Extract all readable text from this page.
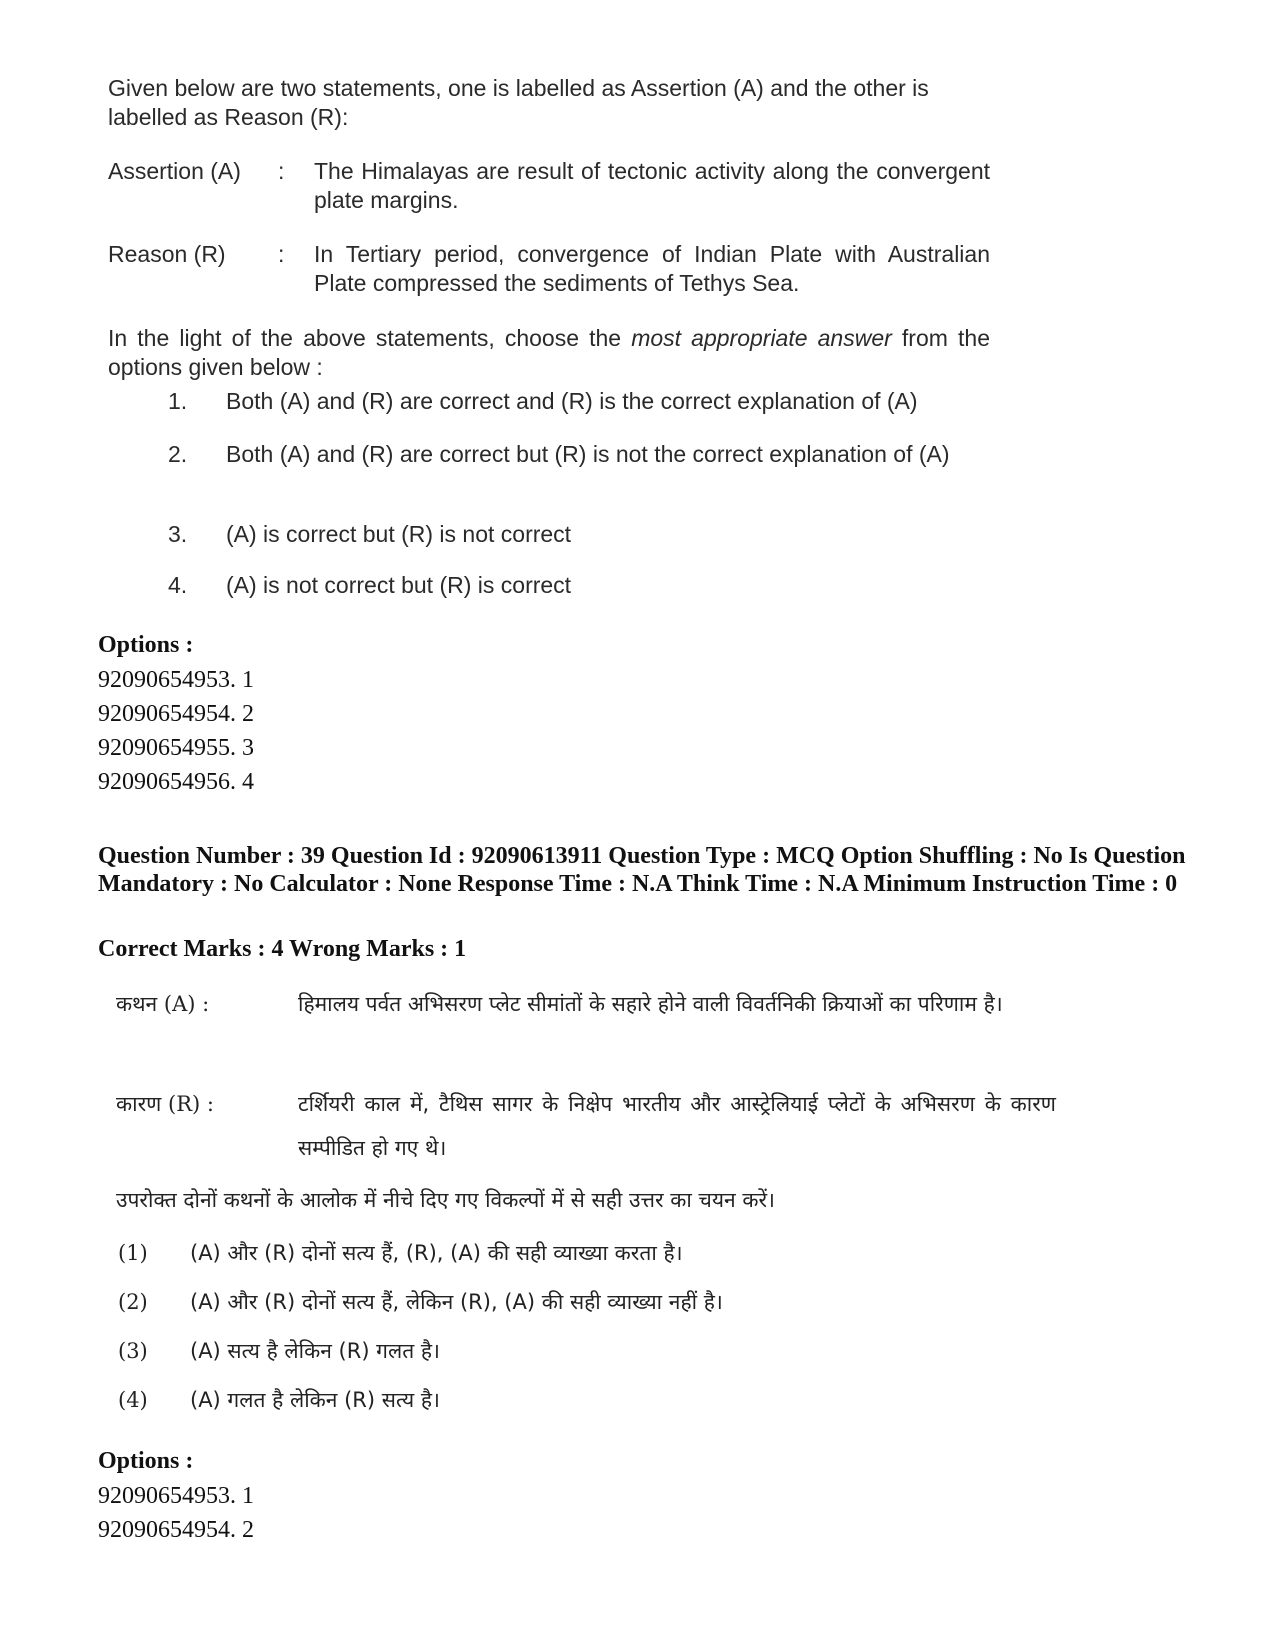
Given below are two statements, one is labelled as Assertion (A) and the other is labelled as Reason (R):
Assertion (A)	:	The Himalayas are result of tectonic activity along the convergent plate margins.
Reason (R)	:	In Tertiary period, convergence of Indian Plate with Australian Plate compressed the sediments of Tethys Sea.
In the light of the above statements, choose the most appropriate answer from the options given below :
1.	Both (A) and (R) are correct and (R) is the correct explanation of (A)
2.	Both (A) and (R) are correct but (R) is not the correct explanation of (A)
3.	(A) is correct but (R) is not correct
4.	(A) is not correct but (R) is correct
Options :
92090654953. 1
92090654954. 2
92090654955. 3
92090654956. 4
Question Number : 39 Question Id : 92090613911 Question Type : MCQ Option Shuffling : No Is Question Mandatory : No Calculator : None Response Time : N.A Think Time : N.A Minimum Instruction Time : 0
Correct Marks : 4 Wrong Marks : 1
कथन (A) :	हिमालय पर्वत अभिसरण प्लेट सीमांतों के सहारे होने वाली विवर्तनिकी क्रियाओं का परिणाम है।
कारण (R) :	टर्शियरी काल में, टैथिस सागर के निक्षेप भारतीय और आस्ट्रेलियाई प्लेटों के अभिसरण के कारण सम्पीडित हो गए थे।
उपरोक्त दोनों कथनों के आलोक में नीचे दिए गए विकल्पों में से सही उत्तर का चयन करें।
(1)	(A) और (R) दोनों सत्य हैं, (R), (A) की सही व्याख्या करता है।
(2)	(A) और (R) दोनों सत्य हैं, लेकिन (R), (A) की सही व्याख्या नहीं है।
(3)	(A) सत्य है लेकिन (R) गलत है।
(4)	(A) गलत है लेकिन (R) सत्य है।
Options :
92090654953. 1
92090654954. 2
